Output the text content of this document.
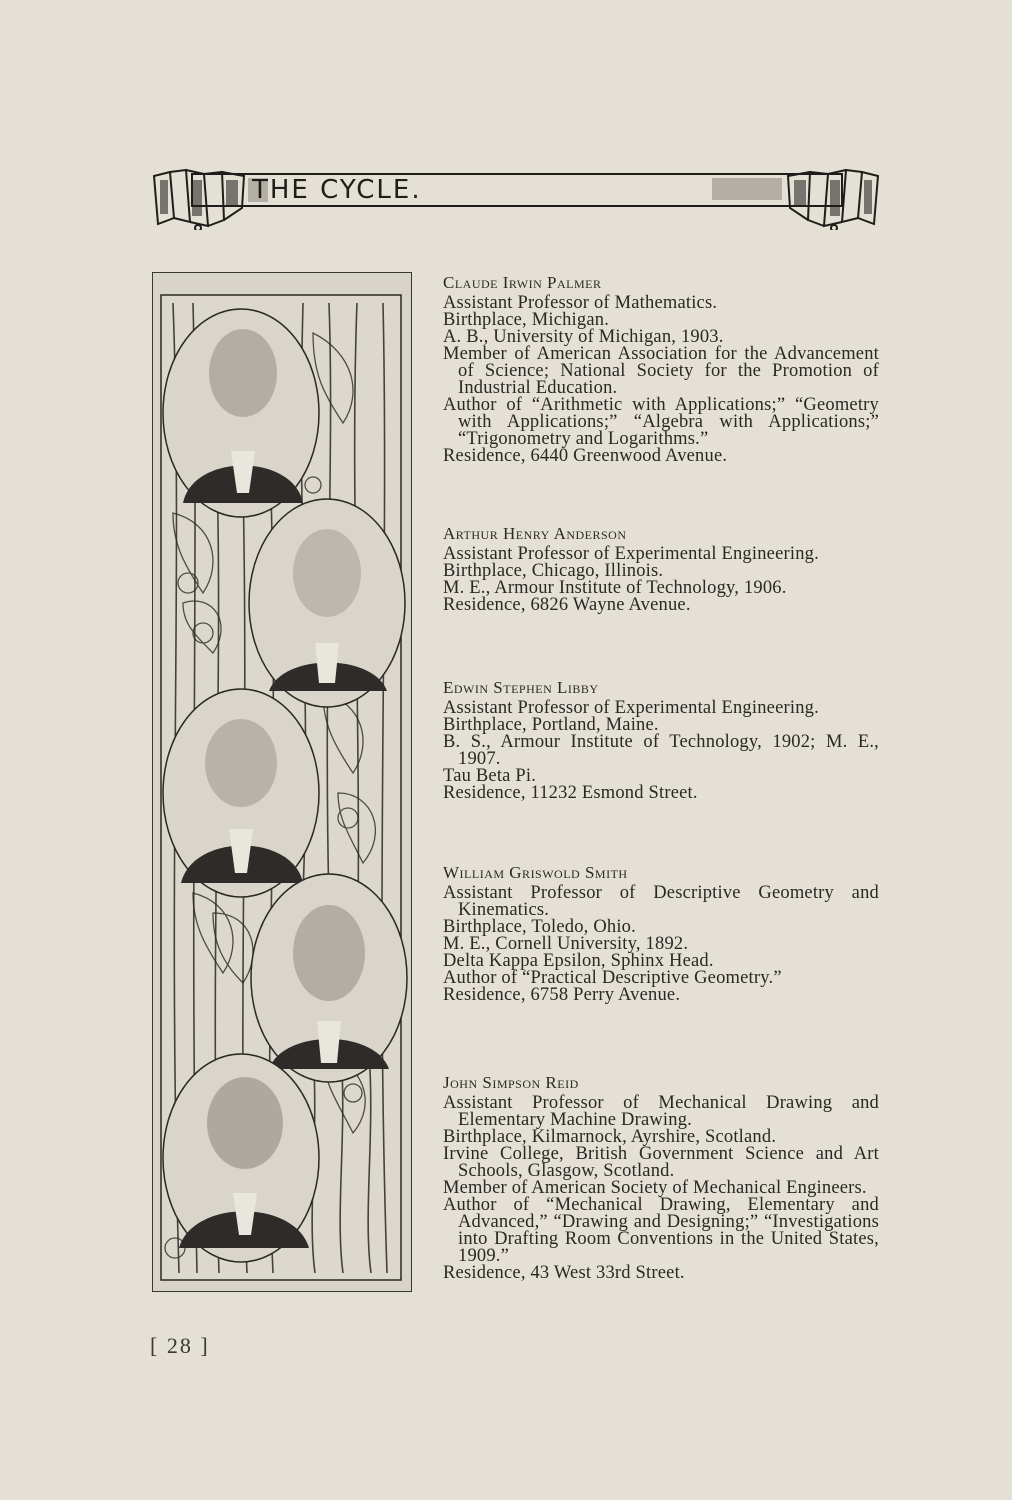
THE CYCLE.
Claude Irwin Palmer

Assistant Professor of Mathematics.

Birthplace, Michigan.

A. B., University of Michigan, 1903.

Member of American Association for the Advancement of Science; National Society for the Promotion of Industrial Education.

Author of “Arithmetic with Applications;” “Geometry with Applications;” “Algebra with Applications;” “Trigonometry and Logarithms.”

Residence, 6440 Greenwood Avenue.

Arthur Henry Anderson

Assistant Professor of Experimental Engineering.

Birthplace, Chicago, Illinois.

M. E., Armour Institute of Technology, 1906.

Residence, 6826 Wayne Avenue.

Edwin Stephen Libby

Assistant Professor of Experimental Engineering.

Birthplace, Portland, Maine.

B. S., Armour Institute of Technology, 1902; M. E., 1907.

Tau Beta Pi.

Residence, 11232 Esmond Street.

William Griswold Smith

Assistant Professor of Descriptive Geometry and Kinematics.

Birthplace, Toledo, Ohio.

M. E., Cornell University, 1892.

Delta Kappa Epsilon, Sphinx Head.

Author of “Practical Descriptive Geometry.”

Residence, 6758 Perry Avenue.

John Simpson Reid

Assistant Professor of Mechanical Drawing and Elementary Machine Drawing.

Birthplace, Kilmarnock, Ayrshire, Scotland.

Irvine College, British Government Science and Art Schools, Glasgow, Scotland.

Member of American Society of Mechanical Engineers.

Author of “Mechanical Drawing, Elementary and Advanced,” “Drawing and Designing;” “Investigations into Drafting Room Conventions in the United States, 1909.”

Residence, 43 West 33rd Street.

[ 28 ]
